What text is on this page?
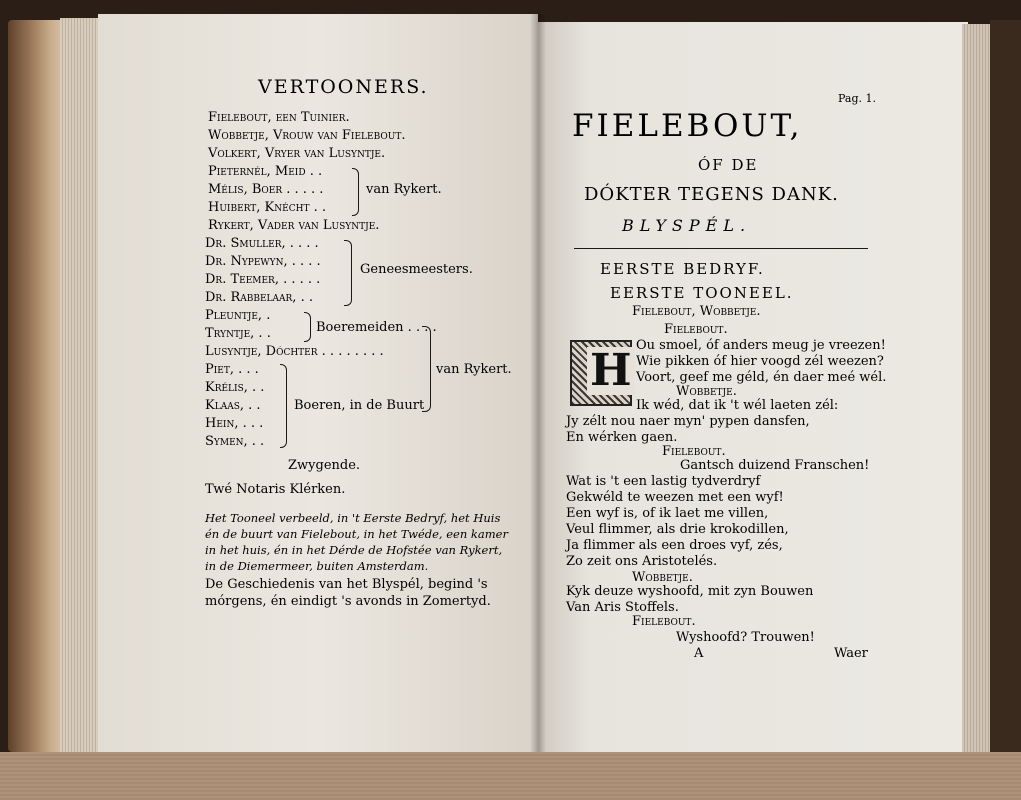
VERTOONERS.
Fielebout, een Tuinier.
Wobbetje, Vrouw van Fielebout.
Volkert, Vryer van Lusyntje.
Pieternél, Meid . .
Mélis, Boer . . . . .
Huibert, Knécht . .
van Rykert.
Rykert, Vader van Lusyntje.
Dr. Smuller, . . . .
Dr. Nypewyn, . . . .
Dr. Teemer, . . . . .
Dr. Rabbelaar, . .
Geneesmeesters.
Pleuntje, .
Tryntje, . .	Boeremeiden . . . .
Lusyntje, Dóchter . . . . . . . .
van Rykert.
Piet, . . .
Krélis, . .
Klaas, . .
Hein, . . .
Symen, . .
Boeren, in de Buurt
Zwygende.
Twé Notaris Klérken.
Het Tooneel verbeeld, in 't Eerste Bedryf, het Huis én de buurt van Fielebout, in het Twéde, een kamer in het huis, én in het Dérde de Hofstée van Rykert, in de Diemermeer, buiten Amsterdam.
De Geschiedenis van het Blyspél, begind 's mórgens, én eindigt 's avonds in Zomertyd.
Pag. 1.
FIELEBOUT,
ÓF DE
DÓKTER TEGENS DANK.
BLYSPÉL.
EERSTE BEDRYF.
EERSTE TOONEEL.
Fielebout, Wobbetje.
H
Fielebout.
Ou smoel, óf anders meug je vreezen!
Wie pikken óf hier voogd zél weezen?
Voort, geef me géld, én daer meé wél.
Wobbetje.
Ik wéd, dat ik 't wél laeten zél:
Jy zélt nou naer myn' pypen dansfen,
En wérken gaen.
Fielebout.
Gantsch duizend Franschen!
Wat is 't een lastig tydverdryf
Gekwéld te weezen met een wyf!
Een wyf is, of ik laet me villen,
Veul flimmer, als drie krokodillen,
Ja flimmer als een droes vyf, zés,
Zo zeit ons Aristotelés.
Wobbetje.
Kyk deuze wyshoofd, mit zyn Bouwen
Van Aris Stoffels.
Fielebout.
Wyshoofd? Trouwen!
A	Waer
